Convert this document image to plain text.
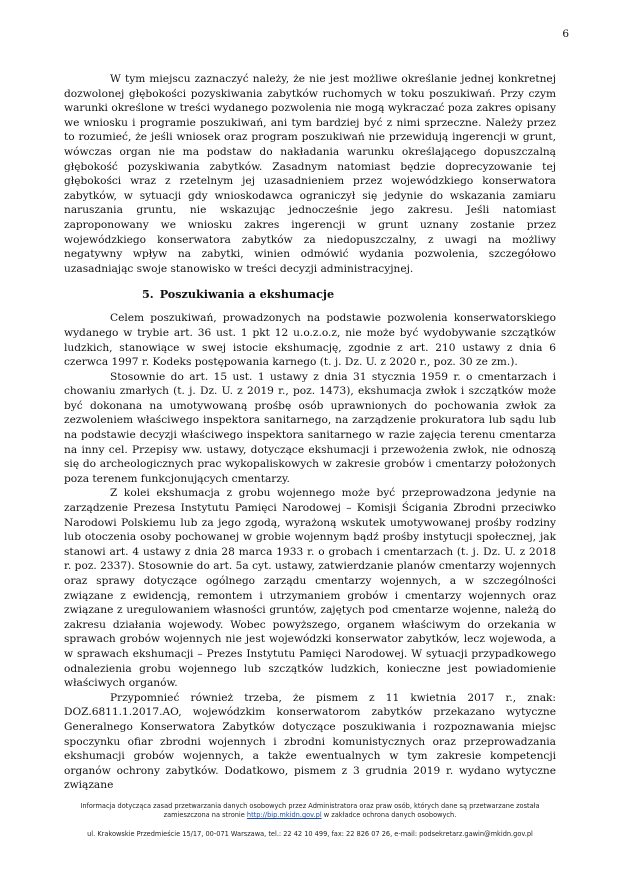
6

W tym miejscu zaznaczyć należy, że nie jest możliwe określanie jednej konkretnej dozwolonej głębokości pozyskiwania zabytków ruchomych w toku poszukiwań. Przy czym warunki określone w treści wydanego pozwolenia nie mogą wykraczać poza zakres opisany we wniosku i programie poszukiwań, ani tym bardziej być z nimi sprzeczne. Należy przez to rozumieć, że jeśli wniosek oraz program poszukiwań nie przewidują ingerencji w grunt, wówczas organ nie ma podstaw do nakładania warunku określającego dopuszczalną głębokość pozyskiwania zabytków. Zasadnym natomiast będzie doprecyzowanie tej głębokości wraz z rzetelnym jej uzasadnieniem przez wojewódzkiego konserwatora zabytków, w sytuacji gdy wnioskodawca ograniczył się jedynie do wskazania zamiaru naruszania gruntu, nie wskazując jednocześnie jego zakresu. Jeśli natomiast zaproponowany we wniosku zakres ingerencji w grunt uznany zostanie przez wojewódzkiego konserwatora zabytków za niedopuszczalny, z uwagi na możliwy negatywny wpływ na zabytki, winien odmówić wydania pozwolenia, szczegółowo uzasadniając swoje stanowisko w treści decyzji administracyjnej.

5. Poszukiwania a ekshumacje

Celem poszukiwań, prowadzonych na podstawie pozwolenia konserwatorskiego wydanego w trybie art. 36 ust. 1 pkt 12 u.o.z.o.z, nie może być wydobywanie szczątków ludzkich, stanowiące w swej istocie ekshumację, zgodnie z art. 210 ustawy z dnia 6 czerwca 1997 r. Kodeks postępowania karnego (t. j. Dz. U. z 2020 r., poz. 30 ze zm.).

Stosownie do art. 15 ust. 1 ustawy z dnia 31 stycznia 1959 r. o cmentarzach i chowaniu zmarłych (t. j. Dz. U. z 2019 r., poz. 1473), ekshumacja zwłok i szczątków może być dokonana na umotywowaną prośbę osób uprawnionych do pochowania zwłok za zezwoleniem właściwego inspektora sanitarnego, na zarządzenie prokuratora lub sądu lub na podstawie decyzji właściwego inspektora sanitarnego w razie zajęcia terenu cmentarza na inny cel. Przepisy ww. ustawy, dotyczące ekshumacji i przewożenia zwłok, nie odnoszą się do archeologicznych prac wykopaliskowych w zakresie grobów i cmentarzy położonych poza terenem funkcjonujących cmentarzy.

Z kolei ekshumacja z grobu wojennego może być przeprowadzona jedynie na zarządzenie Prezesa Instytutu Pamięci Narodowej – Komisji Ścigania Zbrodni przeciwko Narodowi Polskiemu lub za jego zgodą, wyrażoną wskutek umotywowanej prośby rodziny lub otoczenia osoby pochowanej w grobie wojennym bądź prośby instytucji społecznej, jak stanowi art. 4 ustawy z dnia 28 marca 1933 r. o grobach i cmentarzach (t. j. Dz. U. z 2018 r. poz. 2337). Stosownie do art. 5a cyt. ustawy, zatwierdzanie planów cmentarzy wojennych oraz sprawy dotyczące ogólnego zarządu cmentarzy wojennych, a w szczególności związane z ewidencją, remontem i utrzymaniem grobów i cmentarzy wojennych oraz związane z uregulowaniem własności gruntów, zajętych pod cmentarze wojenne, należą do zakresu działania wojewody. Wobec powyższego, organem właściwym do orzekania w sprawach grobów wojennych nie jest wojewódzki konserwator zabytków, lecz wojewoda, a w sprawach ekshumacji – Prezes Instytutu Pamięci Narodowej. W sytuacji przypadkowego odnalezienia grobu wojennego lub szczątków ludzkich, konieczne jest powiadomienie właściwych organów.

Przypomnieć również trzeba, że pismem z 11 kwietnia 2017 r., znak: DOZ.6811.1.2017.AO, wojewódzkim konserwatorom zabytków przekazano wytyczne Generalnego Konserwatora Zabytków dotyczące poszukiwania i rozpoznawania miejsc spoczynku ofiar zbrodni wojennych i zbrodni komunistycznych oraz przeprowadzania ekshumacji grobów wojennych, a także ewentualnych w tym zakresie kompetencji organów ochrony zabytków. Dodatkowo, pismem z 3 grudnia 2019 r. wydano wytyczne związane

Informacja dotycząca zasad przetwarzania danych osobowych przez Administratora oraz praw osób, których dane są przetwarzane została
zamieszczona na stronie http://bip.mkidn.gov.pl w zakładce ochrona danych osobowych.
ul. Krakowskie Przedmieście 15/17, 00-071 Warszawa, tel.: 22 42 10 499, fax: 22 826 07 26, e-mail: podsekretarz.gawin@mkidn.gov.pl
